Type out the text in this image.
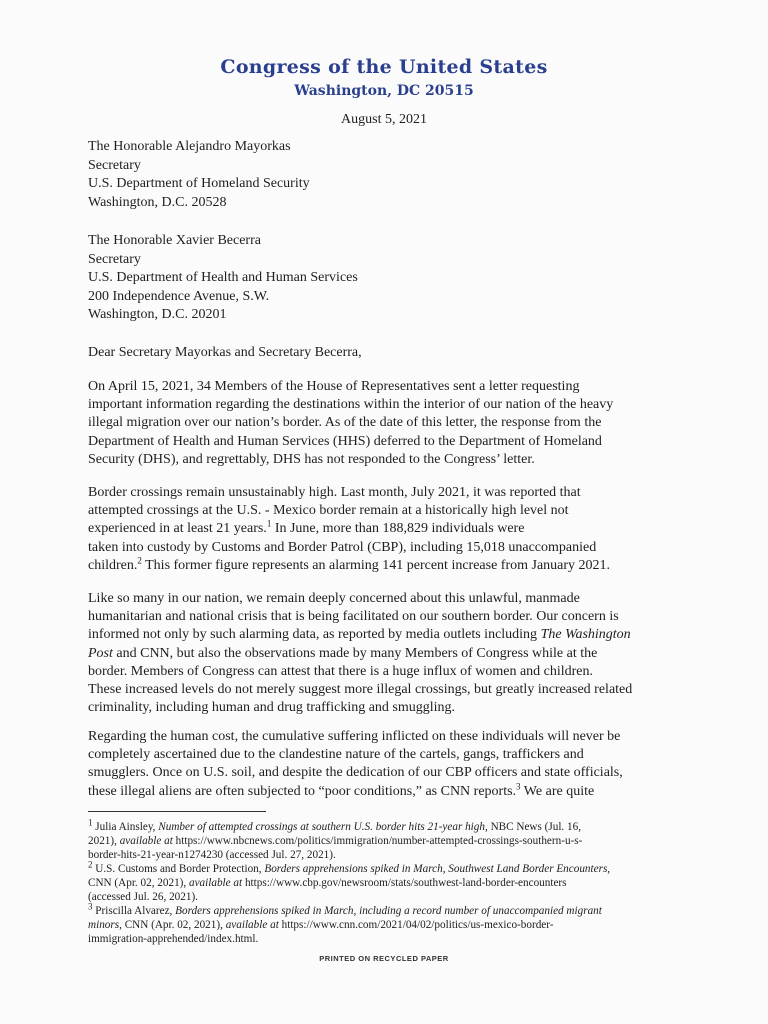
Congress of the United States
Washington, DC 20515
August 5, 2021
The Honorable Alejandro Mayorkas
Secretary
U.S. Department of Homeland Security
Washington, D.C. 20528
The Honorable Xavier Becerra
Secretary
U.S. Department of Health and Human Services
200 Independence Avenue, S.W.
Washington, D.C. 20201
Dear Secretary Mayorkas and Secretary Becerra,
On April 15, 2021, 34 Members of the House of Representatives sent a letter requesting
important information regarding the destinations within the interior of our nation of the heavy
illegal migration over our nation’s border. As of the date of this letter, the response from the
Department of Health and Human Services (HHS) deferred to the Department of Homeland
Security (DHS), and regrettably, DHS has not responded to the Congress’ letter.
Border crossings remain unsustainably high. Last month, July 2021, it was reported that
attempted crossings at the U.S. - Mexico border remain at a historically high level not
experienced in at least 21 years.$^1$ In June, more than 188,829 individuals were
taken into custody by Customs and Border Patrol (CBP), including 15,018 unaccompanied
children.$^2$ This former figure represents an alarming 141 percent increase from January 2021.
Like so many in our nation, we remain deeply concerned about this unlawful, manmade
humanitarian and national crisis that is being facilitated on our southern border. Our concern is
informed not only by such alarming data, as reported by media outlets including The Washington
Post and CNN, but also the observations made by many Members of Congress while at the
border. Members of Congress can attest that there is a huge influx of women and children.
These increased levels do not merely suggest more illegal crossings, but greatly increased related
criminality, including human and drug trafficking and smuggling.
Regarding the human cost, the cumulative suffering inflicted on these individuals will never be
completely ascertained due to the clandestine nature of the cartels, gangs, traffickers and
smugglers. Once on U.S. soil, and despite the dedication of our CBP officers and state officials,
these illegal aliens are often subjected to “poor conditions,” as CNN reports.$^3$ We are quite
$^1$ Julia Ainsley, Number of attempted crossings at southern U.S. border hits 21-year high, NBC News (Jul. 16,
2021), available at https://www.nbcnews.com/politics/immigration/number-attempted-crossings-southern-u-s-
border-hits-21-year-n1274230 (accessed Jul. 27, 2021).
$^2$ U.S. Customs and Border Protection, Borders apprehensions spiked in March, Southwest Land Border Encounters,
CNN (Apr. 02, 2021), available at https://www.cbp.gov/newsroom/stats/southwest-land-border-encounters
(accessed Jul. 26, 2021).
$^3$ Priscilla Alvarez, Borders apprehensions spiked in March, including a record number of unaccompanied migrant
minors, CNN (Apr. 02, 2021), available at https://www.cnn.com/2021/04/02/politics/us-mexico-border-
immigration-apprehended/index.html.
PRINTED ON RECYCLED PAPER
